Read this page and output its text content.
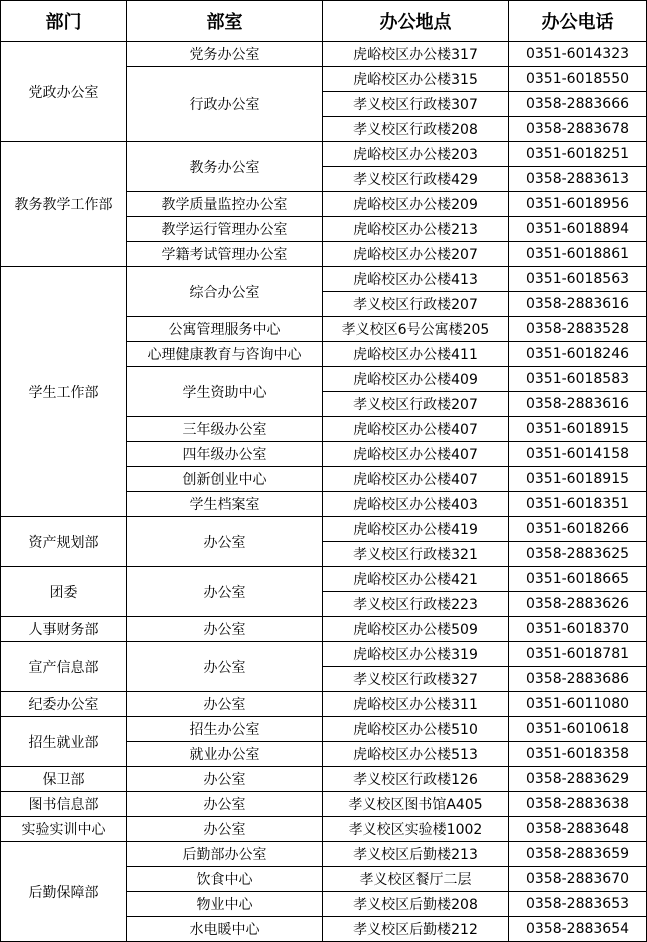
部门	部室	办公地点	办公电话
党政办公室	党务办公室	虎峪校区办公楼317	0351-6014323
	行政办公室	虎峪校区办公楼315	0351-6018550
		孝义校区行政楼307	0358-2883666
		孝义校区行政楼208	0358-2883678
教务教学工作部	教务办公室	虎峪校区办公楼203	0351-6018251
		孝义校区行政楼429	0358-2883613
	教学质量监控办公室	虎峪校区办公楼209	0351-6018956
	教学运行管理办公室	虎峪校区办公楼213	0351-6018894
	学籍考试管理办公室	虎峪校区办公楼207	0351-6018861
学生工作部	综合办公室	虎峪校区办公楼413	0351-6018563
		孝义校区行政楼207	0358-2883616
	公寓管理服务中心	孝义校区6号公寓楼205	0358-2883528
	心理健康教育与咨询中心	虎峪校区办公楼411	0351-6018246
	学生资助中心	虎峪校区办公楼409	0351-6018583
		孝义校区行政楼207	0358-2883616
	三年级办公室	虎峪校区办公楼407	0351-6018915
	四年级办公室	虎峪校区办公楼407	0351-6014158
	创新创业中心	虎峪校区办公楼407	0351-6018915
	学生档案室	虎峪校区办公楼403	0351-6018351
资产规划部	办公室	虎峪校区办公楼419	0351-6018266
		孝义校区行政楼321	0358-2883625
团委	办公室	虎峪校区办公楼421	0351-6018665
		孝义校区行政楼223	0358-2883626
人事财务部	办公室	虎峪校区办公楼509	0351-6018370
宣产信息部	办公室	虎峪校区办公楼319	0351-6018781
		孝义校区行政楼327	0358-2883686
纪委办公室	办公室	虎峪校区办公楼311	0351-6011080
招生就业部	招生办公室	虎峪校区办公楼510	0351-6010618
	就业办公室	虎峪校区办公楼513	0351-6018358
保卫部	办公室	孝义校区行政楼126	0358-2883629
图书信息部	办公室	孝义校区图书馆A405	0358-2883638
实验实训中心	办公室	孝义校区实验楼1002	0358-2883648
后勤保障部	后勤部办公室	孝义校区后勤楼213	0358-2883659
	饮食中心	孝义校区餐厅二层	0358-2883670
	物业中心	孝义校区后勤楼208	0358-2883653
	水电暖中心	孝义校区后勤楼212	0358-2883654
